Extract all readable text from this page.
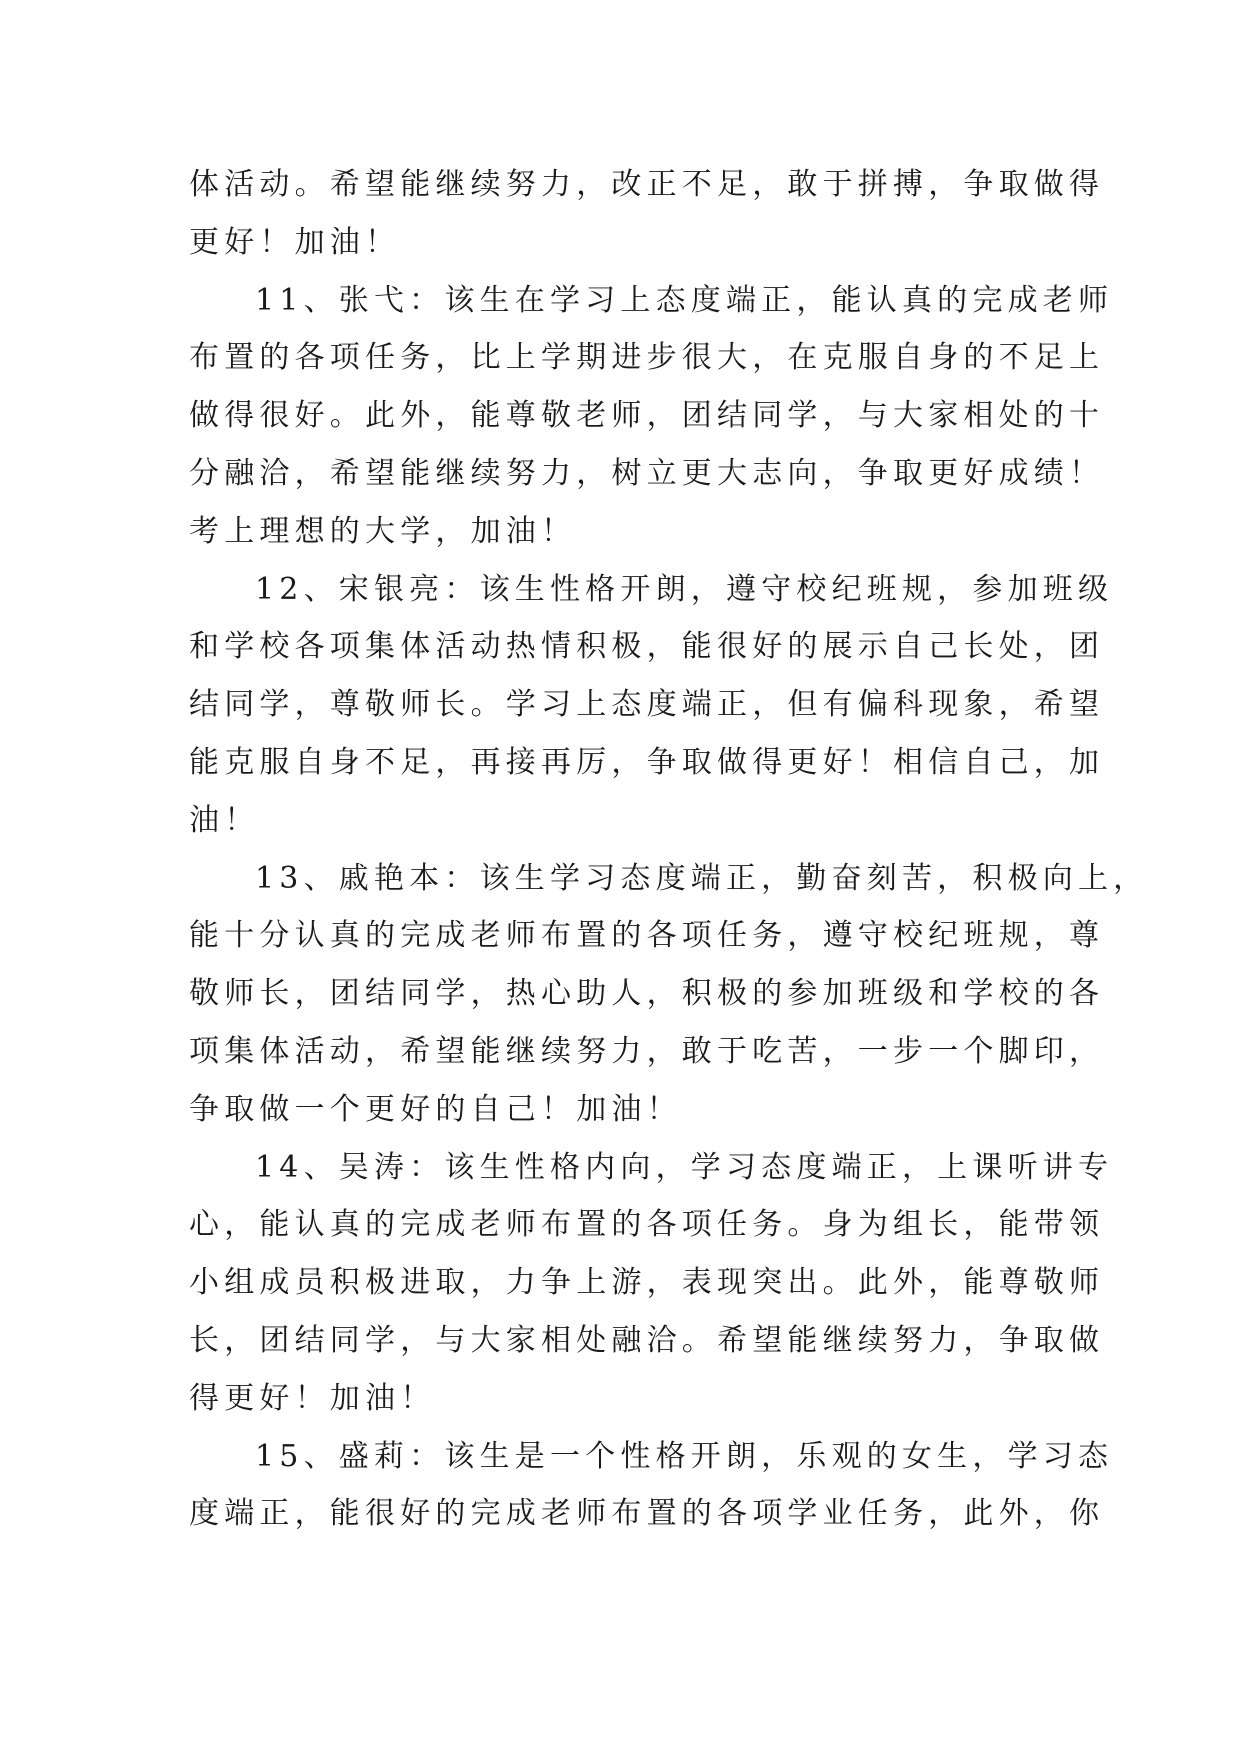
体活动。希望能继续努力，改正不足，敢于拼搏，争取做得
更好！加油！
11、张弋：该生在学习上态度端正，能认真的完成老师
布置的各项任务，比上学期进步很大，在克服自身的不足上
做得很好。此外，能尊敬老师，团结同学，与大家相处的十
分融洽，希望能继续努力，树立更大志向，争取更好成绩！
考上理想的大学，加油！
12、宋银亮：该生性格开朗，遵守校纪班规，参加班级
和学校各项集体活动热情积极，能很好的展示自己长处，团
结同学，尊敬师长。学习上态度端正，但有偏科现象，希望
能克服自身不足，再接再厉，争取做得更好！相信自己，加
油！
13、戚艳本：该生学习态度端正，勤奋刻苦，积极向上，
能十分认真的完成老师布置的各项任务，遵守校纪班规，尊
敬师长，团结同学，热心助人，积极的参加班级和学校的各
项集体活动，希望能继续努力，敢于吃苦，一步一个脚印，
争取做一个更好的自己！加油！
14、吴涛：该生性格内向，学习态度端正，上课听讲专
心，能认真的完成老师布置的各项任务。身为组长，能带领
小组成员积极进取，力争上游，表现突出。此外，能尊敬师
长，团结同学，与大家相处融洽。希望能继续努力，争取做
得更好！加油！
15、盛莉：该生是一个性格开朗，乐观的女生，学习态
度端正，能很好的完成老师布置的各项学业任务，此外，你
